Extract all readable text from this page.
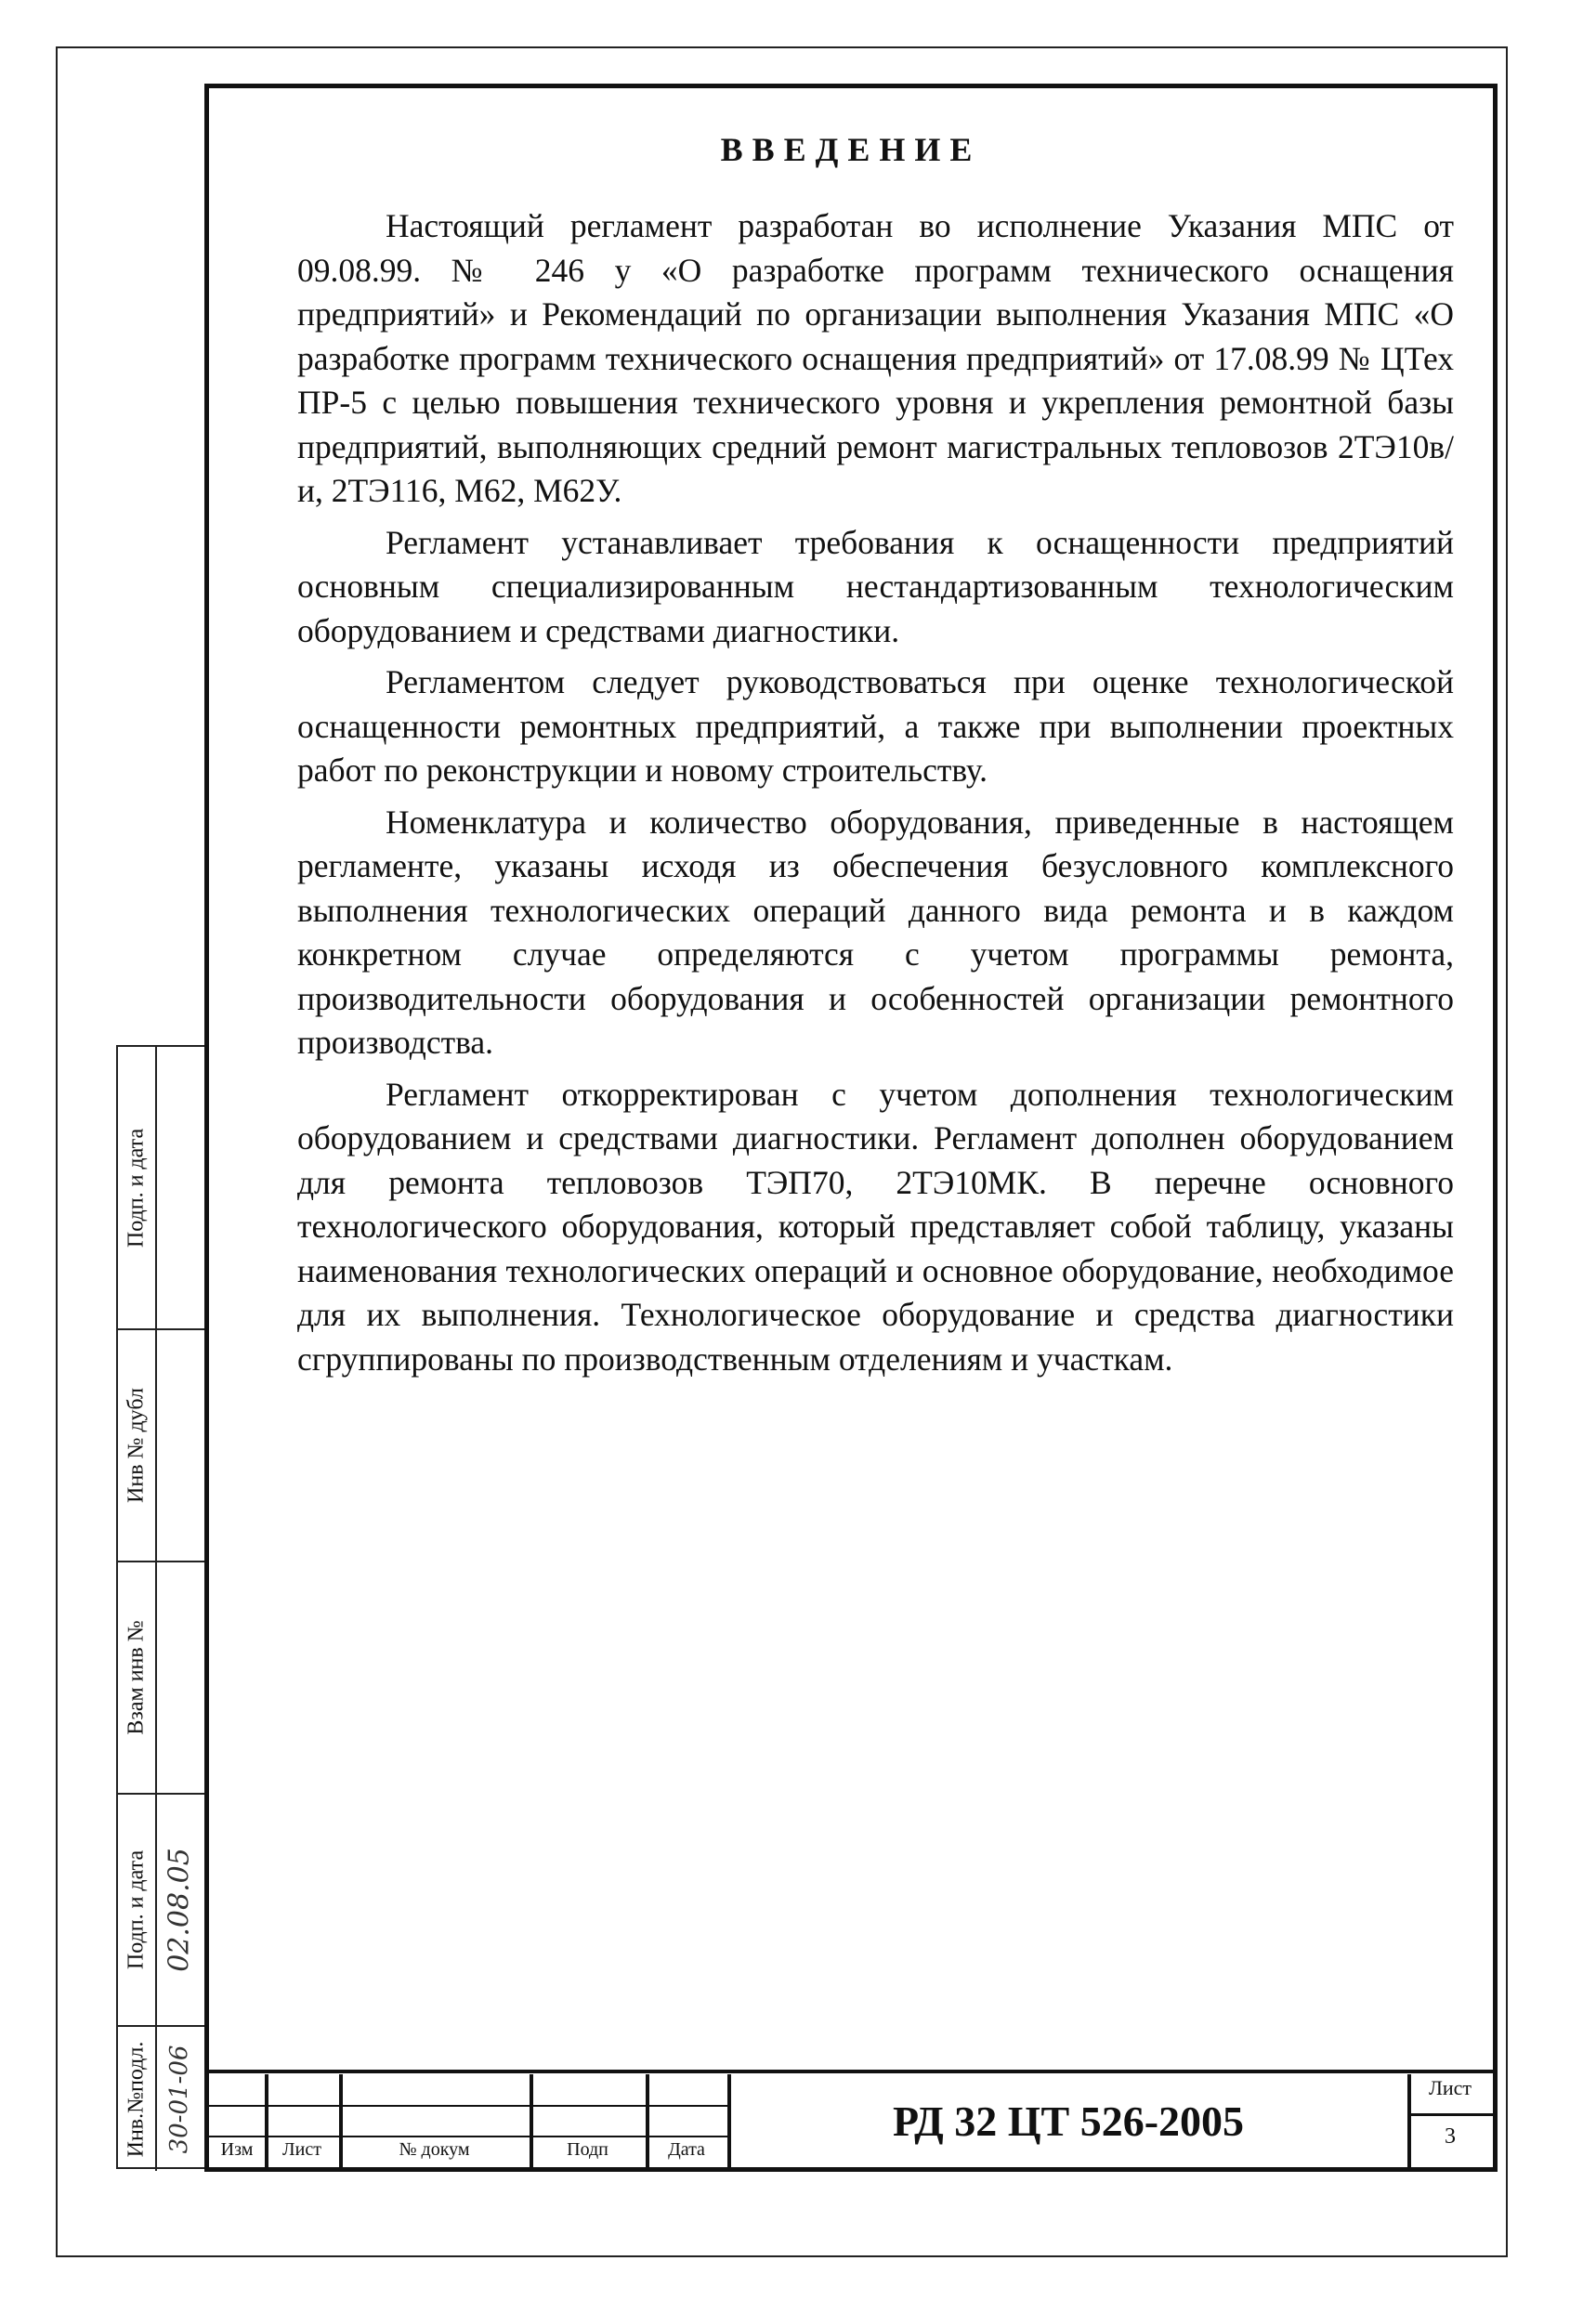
Подп. и дата
Инв № дубл
Взам инв №
Подп. и дата 02.08.05
Инв.№подл. 30-01-06
ВВЕДЕНИЕ

Настоящий регламент разработан во исполнение Указания МПС от 09.08.99. № 246 у «О разработке программ технического оснащения предприятий» и Рекомендаций по организации выполнения Указания МПС «О разработке программ технического оснащения предприятий» от 17.08.99 № ЦТех ПР-5 с целью повышения технического уровня и укрепления ремонтной базы предприятий, выполняющих средний ремонт магистральных тепловозов 2ТЭ10в/и, 2ТЭ116, М62, М62У.

Регламент устанавливает требования к оснащенности предприятий основным специализированным нестандартизованным технологическим оборудованием и средствами диагностики.

Регламентом следует руководствоваться при оценке технологической оснащенности ремонтных предприятий, а также при выполнении проектных работ по реконструкции и новому строительству.

Номенклатура и количество оборудования, приведенные в настоящем регламенте, указаны исходя из обеспечения безусловного комплексного выполнения технологических операций данного вида ремонта и в каждом конкретном случае определяются с учетом программы ремонта, производительности оборудования и особенностей организации ремонтного производства.

Регламент откорректирован с учетом дополнения технологическим оборудованием и средствами диагностики. Регламент дополнен оборудованием для ремонта тепловозов ТЭП70, 2ТЭ10МК. В перечне основного технологического оборудования, который представляет собой таблицу, указаны наименования технологических операций и основное оборудование, необходимое для их выполнения. Технологическое оборудование и средства диагностики сгруппированы по производственным отделениям и участкам.

Изм	Лист	№ докум	Подп	Дата
РД 32 ЦТ 526-2005
Лист
3
